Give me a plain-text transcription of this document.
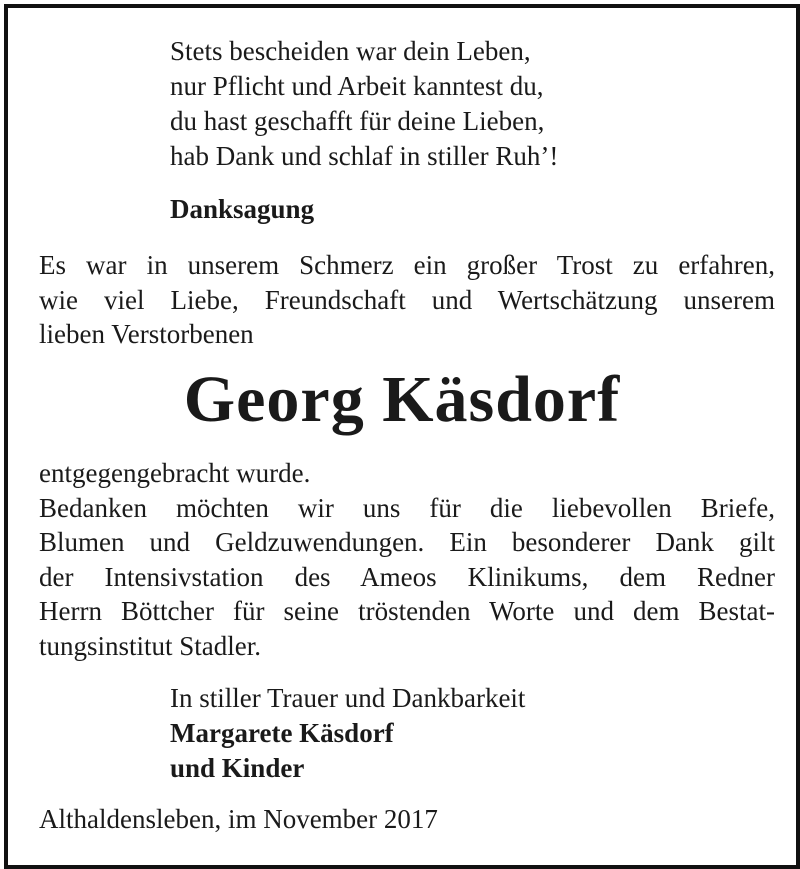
Stets bescheiden war dein Leben,
nur Pflicht und Arbeit kanntest du,
du hast geschafft für deine Lieben,
hab Dank und schlaf in stiller Ruh’!
Danksagung
Es war in unserem Schmerz ein großer Trost zu erfahren,
wie viel Liebe, Freundschaft und Wertschätzung unserem
lieben Verstorbenen
Georg Käsdorf
entgegengebracht wurde.
Bedanken möchten wir uns für die liebevollen Briefe,
Blumen und Geldzuwendungen. Ein besonderer Dank gilt
der Intensivstation des Ameos Klinikums, dem Redner
Herrn Böttcher für seine tröstenden Worte und dem Bestat-
tungsinstitut Stadler.
In stiller Trauer und Dankbarkeit
Margarete Käsdorf
und Kinder
Althaldensleben, im November 2017
